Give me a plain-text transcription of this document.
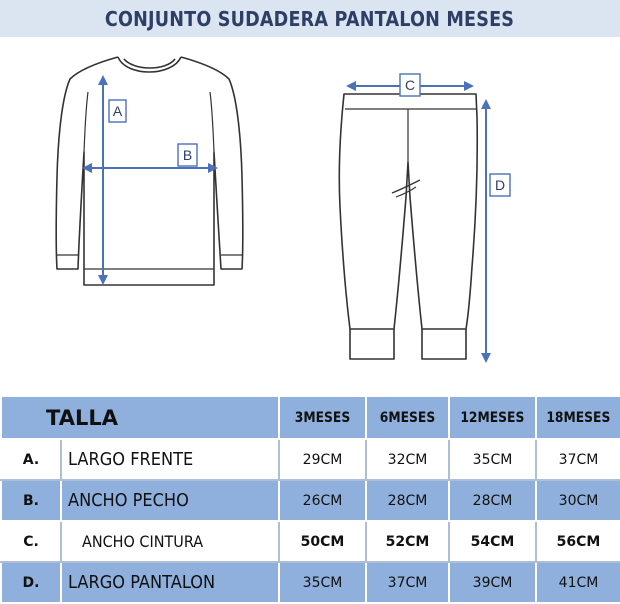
CONJUNTO SUDADERA PANTALON MESES
A
B
C
D
TALLA		3MESES	6MESES	12MESES	18MESES
A.	LARGO FRENTE	29CM	32CM	35CM	37CM
B.	ANCHO PECHO	26CM	28CM	28CM	30CM
C.	ANCHO CINTURA	50CM	52CM	54CM	56CM
D.	LARGO PANTALON	35CM	37CM	39CM	41CM
